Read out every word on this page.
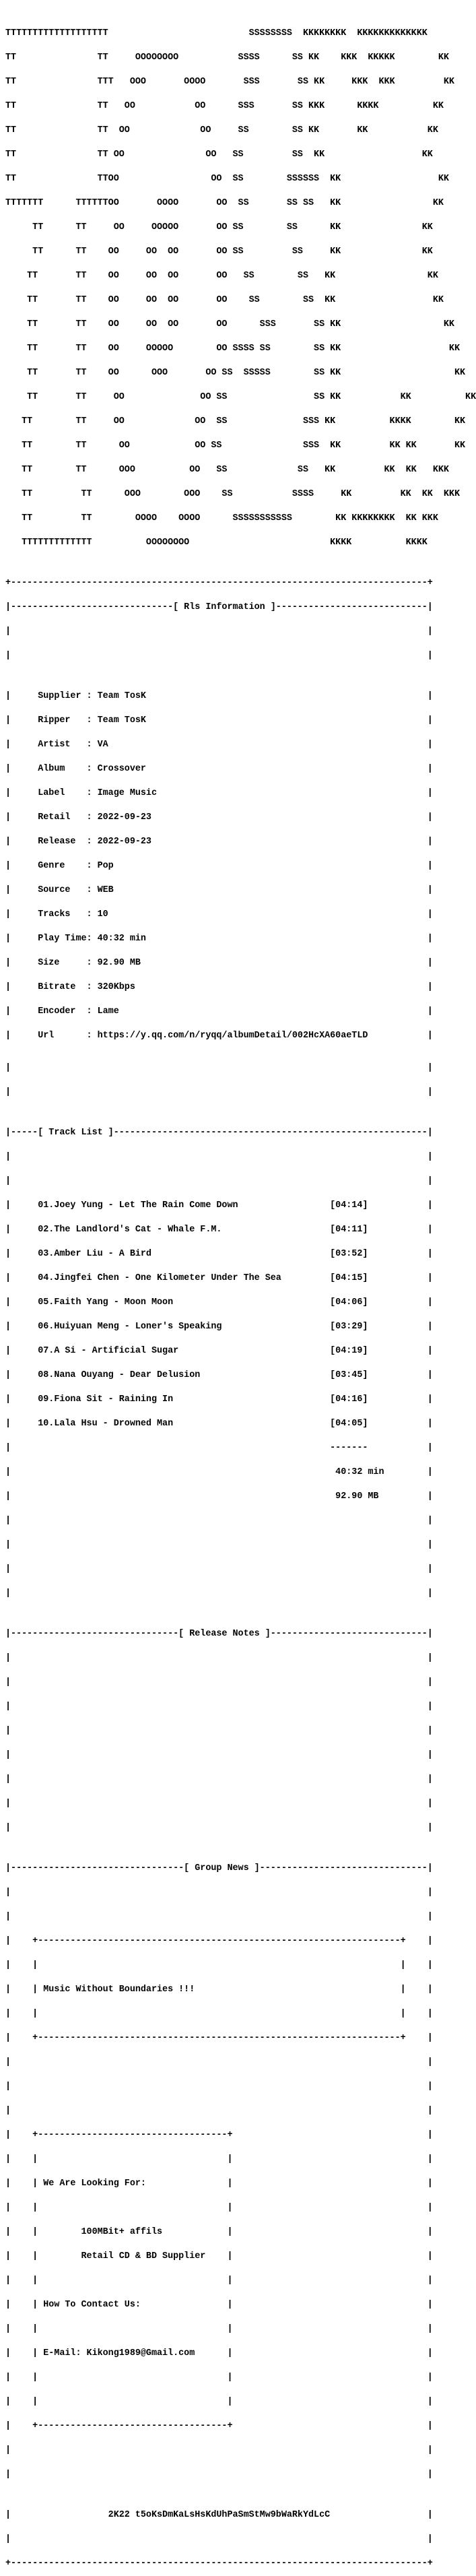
TTTTTTTTTTTTTTTTTTT                          SSSSSSSS  KKKKKKKK  KKKKKKKKKKKKK

TT               TT     OOOOOOOO           SSSS      SS KK    KKK  KKKKK        KK

TT               TTT   OOO       OOOO       SSS       SS KK     KKK  KKK         KK

TT               TT   OO           OO      SSS       SS KKK      KKKK          KK

TT               TT  OO             OO     SS        SS KK       KK           KK

TT               TT OO               OO   SS         SS  KK                  KK

TT               TTOO                 OO  SS        SSSSSS  KK                  KK

TTTTTTT      TTTTTTOO       OOOO       OO  SS       SS SS   KK                 KK

TT      TT     OO     OOOOO       OO SS        SS      KK               KK

TT      TT    OO     OO  OO       OO SS         SS     KK               KK

TT       TT    OO     OO  OO       OO   SS        SS   KK                 KK

TT       TT    OO     OO  OO       OO    SS        SS  KK                  KK

TT       TT    OO     OO  OO       OO      SSS       SS KK                   KK

TT       TT    OO     OOOOO        OO SSSS SS        SS KK                    KK

TT       TT    OO      OOO       OO SS  SSSSS        SS KK                     KK

TT       TT     OO              OO SS                SS KK           KK          KK

TT        TT     OO             OO  SS              SSS KK          KKKK        KK

TT        TT      OO            OO SS               SSS  KK         KK KK       KK

TT        TT      OOO          OO   SS             SS   KK         KK  KK   KKK

TT         TT      OOO        OOO    SS           SSSS     KK         KK  KK  KKK

TT         TT        OOOO    OOOO      SSSSSSSSSSS        KK KKKKKKKK  KK KKK

TTTTTTTTTTTTT          OOOOOOOO                          KKKK          KKKK

+-----------------------------------------------------------------------------+

|------------------------------[ Rls Information ]----------------------------|

|                                                                             |

|                                                                             |

|     Supplier : Team TosK                                                    |

|     Ripper   : Team TosK                                                    |

|     Artist   : VA                                                           |

|     Album    : Crossover                                                    |

|     Label    : Image Music                                                  |

|     Retail   : 2022-09-23                                                   |

|     Release  : 2022-09-23                                                   |

|     Genre    : Pop                                                          |

|     Source   : WEB                                                          |

|     Tracks   : 10                                                           |

|     Play Time: 40:32 min                                                    |

|     Size     : 92.90 MB                                                     |

|     Bitrate  : 320Kbps                                                      |

|     Encoder  : Lame                                                         |

|     Url      : https://y.qq.com/n/ryqq/albumDetail/002HcXA60aeTLD           |

|                                                                             |

|                                                                             |

|-----[ Track List ]----------------------------------------------------------|

|                                                                             |

|                                                                             |

|     01.Joey Yung - Let The Rain Come Down                 [04:14]           |

|     02.The Landlord's Cat - Whale F.M.                    [04:11]           |

|     03.Amber Liu - A Bird                                 [03:52]           |

|     04.Jingfei Chen - One Kilometer Under The Sea         [04:15]           |

|     05.Faith Yang - Moon Moon                             [04:06]           |

|     06.Huiyuan Meng - Loner's Speaking                    [03:29]           |

|     07.A Si - Artificial Sugar                            [04:19]           |

|     08.Nana Ouyang - Dear Delusion                        [03:45]           |

|     09.Fiona Sit - Raining In                             [04:16]           |

|     10.Lala Hsu - Drowned Man                             [04:05]           |

|                                                           -------           |

|                                                            40:32 min        |

|                                                            92.90 MB         |

|                                                                             |

|                                                                             |

|                                                                             |

|                                                                             |

|-------------------------------[ Release Notes ]-----------------------------|

|                                                                             |

|                                                                             |

|                                                                             |

|                                                                             |

|                                                                             |

|                                                                             |

|                                                                             |

|                                                                             |

|--------------------------------[ Group News ]-------------------------------|

|                                                                             |

|                                                                             |

|    +-------------------------------------------------------------------+    |

|    |                                                                   |    |

|    | Music Without Boundaries !!!                                      |    |

|    |                                                                   |    |

|    +-------------------------------------------------------------------+    |

|                                                                             |

|                                                                             |

|                                                                             |

|    +-----------------------------------+                                    |

|    |                                   |                                    |

|    | We Are Looking For:               |                                    |

|    |                                   |                                    |

|    |        100MBit+ affils            |                                    |

|    |        Retail CD & BD Supplier    |                                    |

|    |                                   |                                    |

|    | How To Contact Us:                |                                    |

|    |                                   |                                    |

|    | E-Mail: Kikong1989@Gmail.com      |                                    |

|    |                                   |                                    |

|    |                                   |                                    |

|    +-----------------------------------+                                    |

|                                                                             |

|                                                                             |

|                  2K22 t5oKsDmKaLsHsKdUhPaSmStMw9bWaRkYdLcC                  |

|                                                                             |

+-----------------------------------------------------------------------------+
